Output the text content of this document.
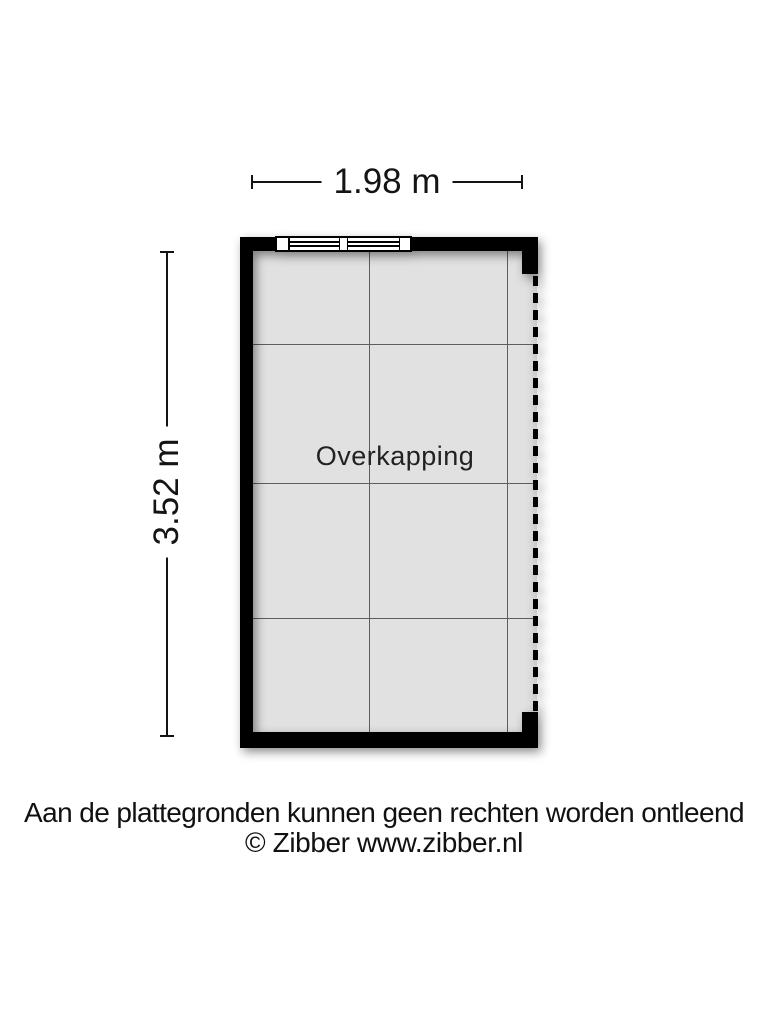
1.98 m
3.52 m	Overkapping
Aan de plattegronden kunnen geen rechten worden ontleend
© Zibber www.zibber.nl
